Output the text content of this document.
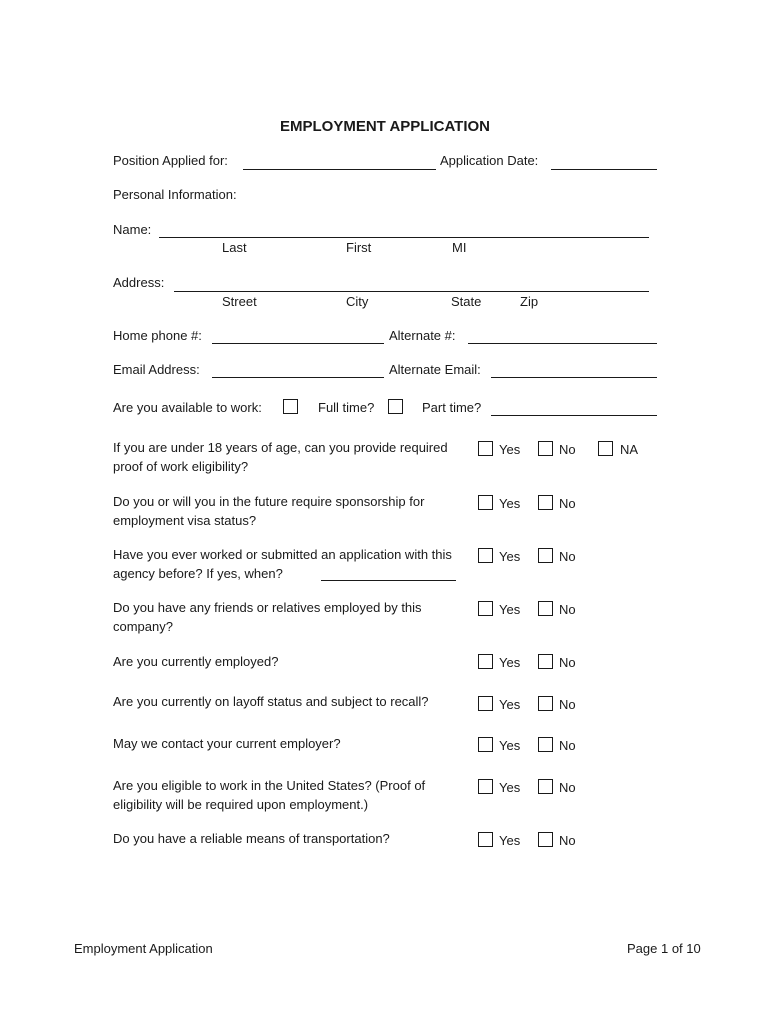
EMPLOYMENT APPLICATION
Position Applied for:	Application Date:
Personal Information:
Name:
Last	First	MI
Address:
Street	City	State	Zip
Home phone #:	Alternate #:
Email Address:	Alternate Email:
Are you available to work:	Full time?	Part time?
If you are under 18 years of age, can you provide required proof of work eligibility?
Yes	No	NA
Do you or will you in the future require sponsorship for employment visa status?
Yes	No
Have you ever worked or submitted an application with this agency before? If yes, when?
Yes	No
Do you have any friends or relatives employed by this company?
Yes	No
Are you currently employed?	Yes	No
Are you currently on layoff status and subject to recall?	Yes	No
May we contact your current employer?	Yes	No
Are you eligible to work in the United States? (Proof of eligibility will be required upon employment.)
Yes	No
Do you have a reliable means of transportation?	Yes	No
Employment Application	Page 1 of 10
